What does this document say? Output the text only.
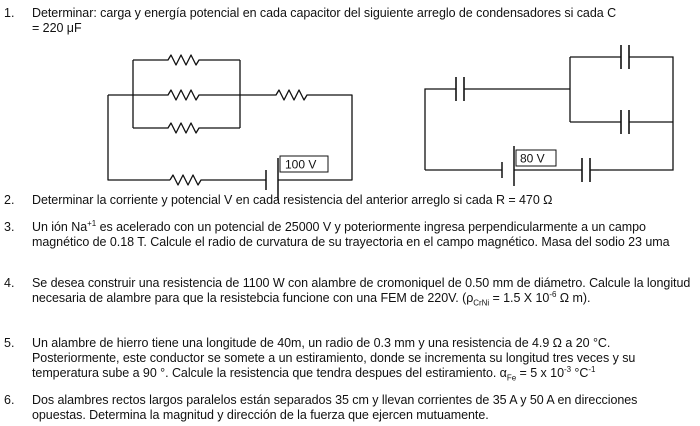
1. Determinar: carga y energía potencial en cada capacitor del siguiente arreglo de condensadores si cada C
= 220 μF
100 V	80 V
2. Determinar la corriente y potencial V en cada resistencia del anterior arreglo si cada R = 470 Ω
3. Un ión $Na^{+1}$ es acelerado con un potencial de 25000 V y poteriormente ingresa perpendicularmente a un campo magnético de 0.18 T. Calcule el radio de curvatura de su trayectoria en el campo magnético. Masa del sodio 23 uma
4. Se desea construir una resistencia de 1100 W con alambre de cromoniquel de 0.50 mm de diámetro. Calcule la longitud necesaria de alambre para que la resistebcia funcione con una FEM de 220V. ($\rho_{CrNi} = 1.5$ X $10^{-6}$ Ω m).
5. Un alambre de hierro tiene una longitude de 40m, un radio de 0.3 mm y una resistencia de 4.9 Ω a 20 °C. Posteriormente, este conductor se somete a un estiramiento, donde se incrementa su longitud tres veces y su temperatura sube a 90 °. Calcule la resistencia que tendra despues del estiramiento. $\alpha_{Fe} = 5$ x $10^{-3}$ $^\circ C^{-1}$
6. Dos alambres rectos largos paralelos están separados 35 cm y llevan corrientes de 35 A y 50 A en direcciones opuestas. Determina la magnitud y dirección de la fuerza que ejercen mutuamente.
